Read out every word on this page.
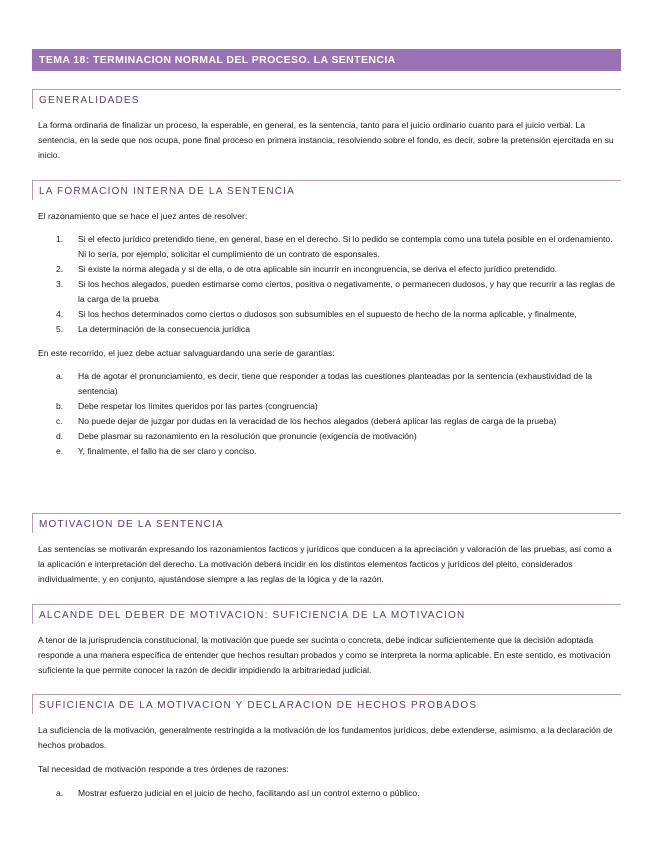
TEMA 18: TERMINACION NORMAL DEL PROCESO. LA SENTENCIA
GENERALIDADES

La forma ordinaria de finalizar un proceso, la esperable, en general, es la sentencia, tanto para el juicio ordinario cuanto para el juicio verbal. La sentencia, en la sede que nos ocupa, pone final proceso en primera instancia, resolviendo sobre el fondo, es decir, sobre la pretensión ejercitada en su inicio.

LA FORMACION INTERNA DE LA SENTENCIA

El razonamiento que se hace el juez antes de resolver:

1. Si el efecto jurídico pretendido tiene, en general, base en el derecho. Si lo pedido se contempla como una tutela posible en el ordenamiento. Ni lo sería, por ejemplo, solicitar el cumplimiento de un contrato de esponsales.
2. Si existe la norma alegada y si de ella, o de otra aplicable sin incurrir en incongruencia, se deriva el efecto jurídico pretendido.
3. Si los hechos alegados, pueden estimarse como ciertos, positiva o negativamente, o permanecen dudosos, y hay que recurrir a las reglas de la carga de la prueba
4. Si los hechos determinados como ciertos o dudosos son subsumibles en el supuesto de hecho de la norma aplicable, y finalmente,
5. La determinación de la consecuencia jurídica

En este recorrido, el juez debe actuar salvaguardando una serie de garantías:

a. Ha de agotar el pronunciamiento, es decir, tiene que responder a todas las cuestiones planteadas por la sentencia (exhaustividad de la sentencia)
b. Debe respetar los límites queridos por las partes (congruencia)
c. No puede dejar de juzgar por dudas en la veracidad de los hechos alegados (deberá aplicar las reglas de carga de la prueba)
d. Debe plasmar su razonamiento en la resolución que pronuncie (exigencia de motivación)
e. Y, finalmente, el fallo ha de ser claro y conciso.
MOTIVACION DE LA SENTENCIA

Las sentencias se motivarán expresando los razonamientos facticos y jurídicos que conducen a la apreciación y valoración de las pruebas, así como a la aplicación e interpretación del derecho. La motivación deberá incidir en los distintos elementos facticos y jurídicos del pleito, considerados individualmente, y en conjunto, ajustándose siempre a las reglas de la lógica y de la razón.

ALCANDE DEL DEBER DE MOTIVACION: SUFICIENCIA DE LA MOTIVACION

A tenor de la jurisprudencia constitucional, la motivación que puede ser sucinta o concreta, debe indicar suficientemente que la decisión adoptada responde a una manera específica de entender que hechos resultan probados y como se interpreta la norma aplicable. En este sentido, es motivación suficiente la que permite conocer la razón de decidir impidiendo la arbitrariedad judicial.

SUFICIENCIA DE LA MOTIVACION Y DECLARACION DE HECHOS PROBADOS

La suficiencia de la motivación, generalmente restringida a la motivación de los fundamentos jurídicos, debe extenderse, asimismo, a la declaración de hechos probados.

Tal necesidad de motivación responde a tres órdenes de razones:

a. Mostrar esfuerzo judicial en el juicio de hecho, facilitando así un control externo o público.
